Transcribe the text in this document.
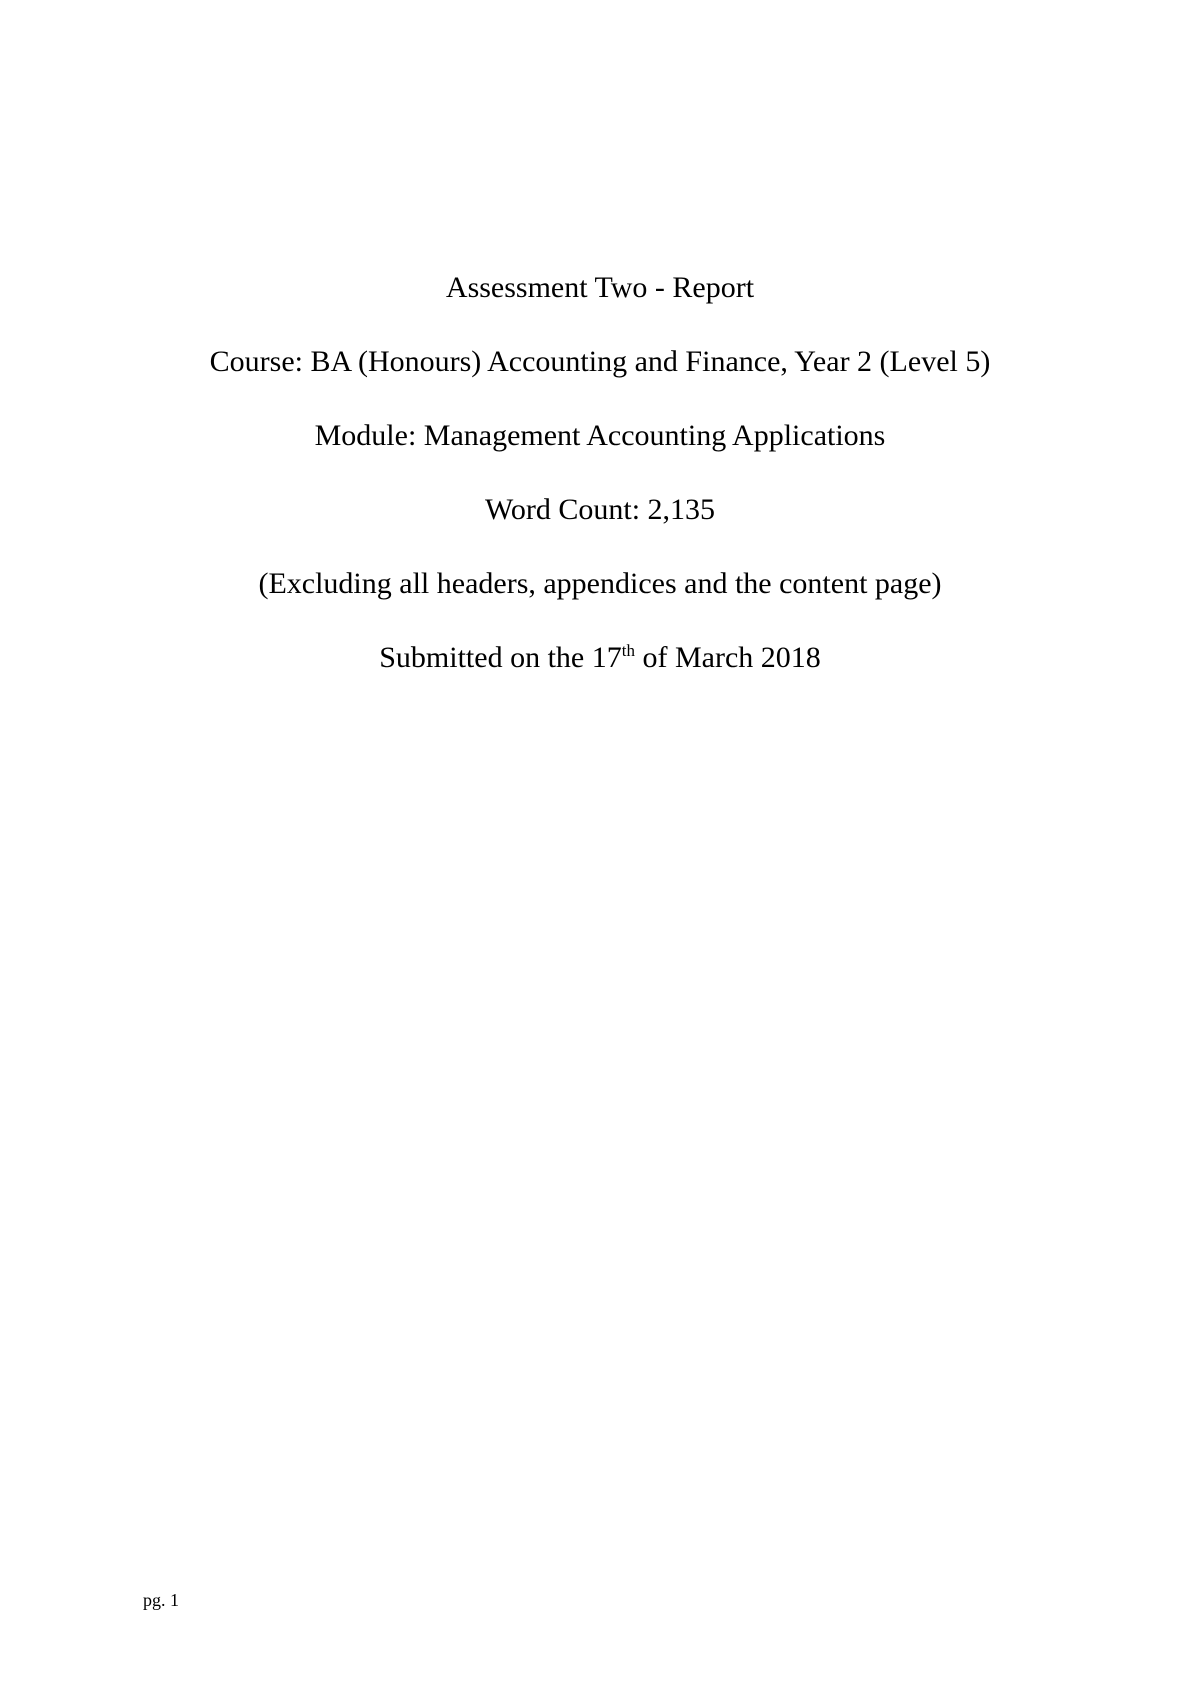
Assessment Two - Report

Course: BA (Honours) Accounting and Finance, Year 2 (Level 5)

Module: Management Accounting Applications

Word Count: 2,135

(Excluding all headers, appendices and the content page)

Submitted on the 17th of March 2018

pg. 1
